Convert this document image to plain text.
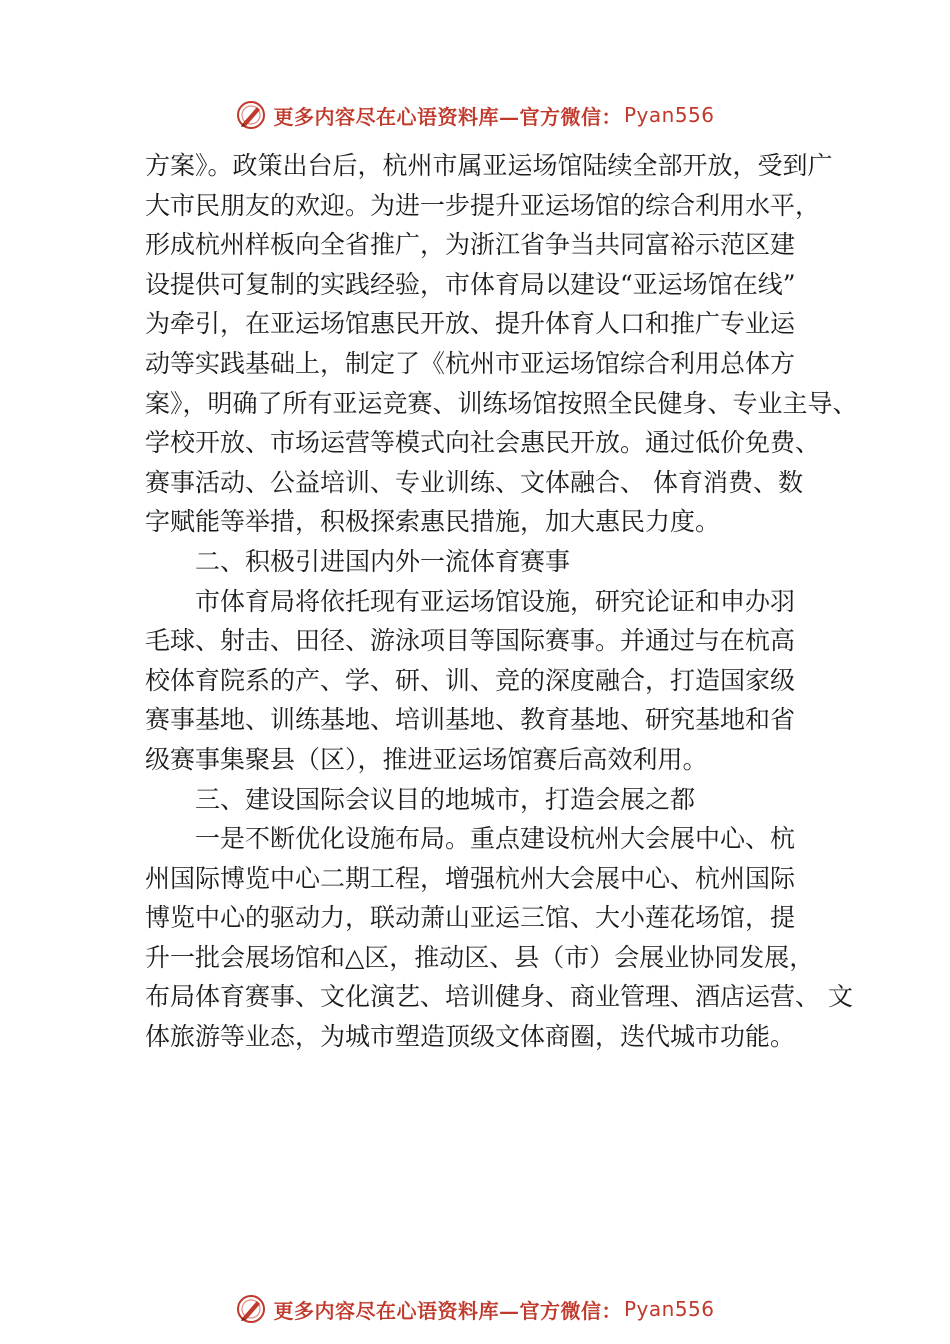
更多内容尽在心语资料库—官方微信： Pyan556
方案》。政策出台后，杭州市属亚运场馆陆续全部开放，受到广
大市民朋友的欢迎。为进一步提升亚运场馆的综合利用水平，
形成杭州样板向全省推广，为浙江省争当共同富裕示范区建
设提供可复制的实践经验，市体育局以建设“亚运场馆在线”
为牵引，在亚运场馆惠民开放、提升体育人口和推广专业运
动等实践基础上，制定了《杭州市亚运场馆综合利用总体方
案》，明确了所有亚运竞赛、训练场馆按照全民健身、专业主导、
学校开放、市场运营等模式向社会惠民开放。通过低价免费、
赛事活动、公益培训、专业训练、文体融合、 体育消费、数
字赋能等举措，积极探索惠民措施，加大惠民力度。
二、积极引进国内外一流体育赛事
市体育局将依托现有亚运场馆设施，研究论证和申办羽
毛球、射击、田径、游泳项目等国际赛事。并通过与在杭高
校体育院系的产、学、研、训、竞的深度融合，打造国家级
赛事基地、训练基地、培训基地、教育基地、研究基地和省
级赛事集聚县（区），推进亚运场馆赛后高效利用。
三、建设国际会议目的地城市，打造会展之都
一是不断优化设施布局。重点建设杭州大会展中心、杭
州国际博览中心二期工程，增强杭州大会展中心、杭州国际
博览中心的驱动力，联动萧山亚运三馆、大小莲花场馆，提
升一批会展场馆和△区，推动区、县（市）会展业协同发展，
布局体育赛事、文化演艺、培训健身、商业管理、酒店运营、 文
体旅游等业态，为城市塑造顶级文体商圈，迭代城市功能。
更多内容尽在心语资料库—官方微信： Pyan556
